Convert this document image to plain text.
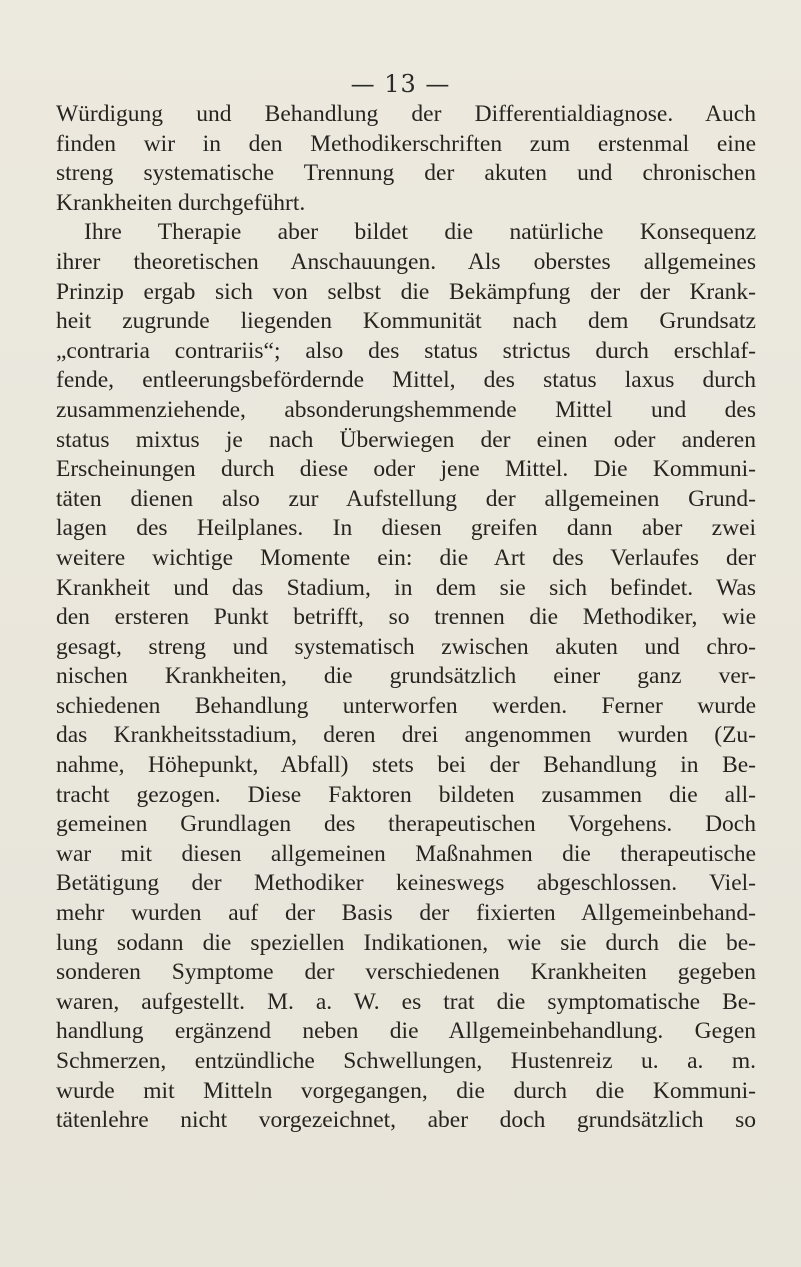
— 13 —
Würdigung und Behandlung der Differentialdiagnose. Auch
finden wir in den Methodikerschriften zum erstenmal eine
streng systematische Trennung der akuten und chronischen
Krankheiten durchgeführt.
Ihre Therapie aber bildet die natürliche Konsequenz
ihrer theoretischen Anschauungen. Als oberstes allgemeines
Prinzip ergab sich von selbst die Bekämpfung der der Krank-
heit zugrunde liegenden Kommunität nach dem Grundsatz
„contraria contrariis“; also des status strictus durch erschlaf-
fende, entleerungsbefördernde Mittel, des status laxus durch
zusammenziehende, absonderungshemmende Mittel und des
status mixtus je nach Überwiegen der einen oder anderen
Erscheinungen durch diese oder jene Mittel. Die Kommuni-
täten dienen also zur Aufstellung der allgemeinen Grund-
lagen des Heilplanes. In diesen greifen dann aber zwei
weitere wichtige Momente ein: die Art des Verlaufes der
Krankheit und das Stadium, in dem sie sich befindet. Was
den ersteren Punkt betrifft, so trennen die Methodiker, wie
gesagt, streng und systematisch zwischen akuten und chro-
nischen Krankheiten, die grundsätzlich einer ganz ver-
schiedenen Behandlung unterworfen werden. Ferner wurde
das Krankheitsstadium, deren drei angenommen wurden (Zu-
nahme, Höhepunkt, Abfall) stets bei der Behandlung in Be-
tracht gezogen. Diese Faktoren bildeten zusammen die all-
gemeinen Grundlagen des therapeutischen Vorgehens. Doch
war mit diesen allgemeinen Maßnahmen die therapeutische
Betätigung der Methodiker keineswegs abgeschlossen. Viel-
mehr wurden auf der Basis der fixierten Allgemeinbehand-
lung sodann die speziellen Indikationen, wie sie durch die be-
sonderen Symptome der verschiedenen Krankheiten gegeben
waren, aufgestellt. M. a. W. es trat die symptomatische Be-
handlung ergänzend neben die Allgemeinbehandlung. Gegen
Schmerzen, entzündliche Schwellungen, Hustenreiz u. a. m.
wurde mit Mitteln vorgegangen, die durch die Kommuni-
tätenlehre nicht vorgezeichnet, aber doch grundsätzlich so
